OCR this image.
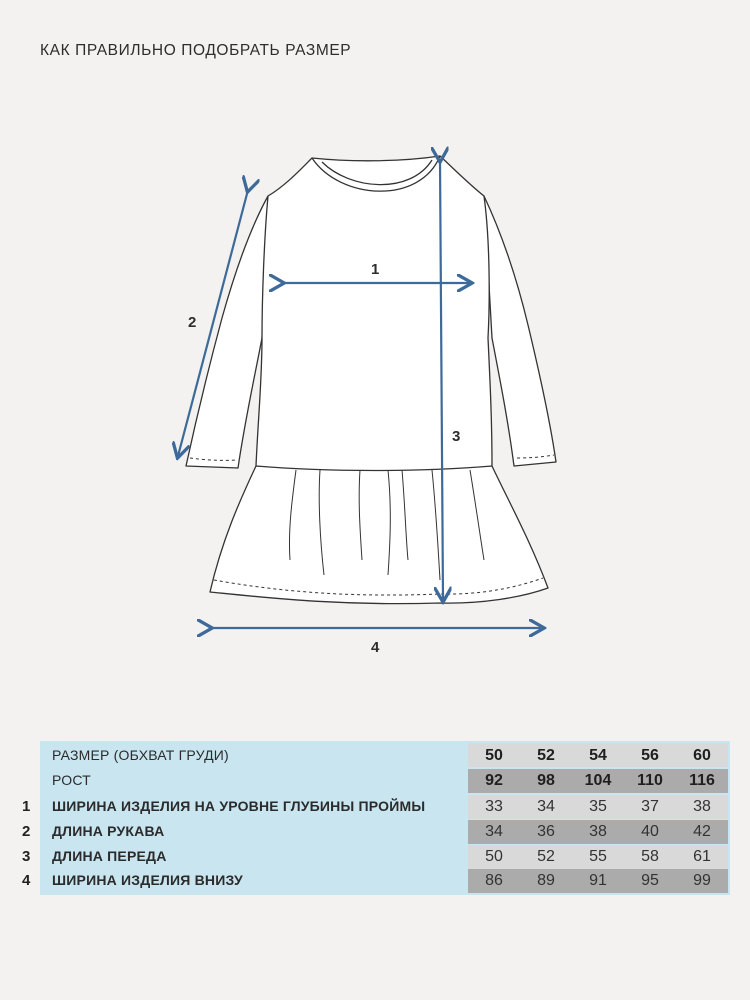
КАК ПРАВИЛЬНО ПОДОБРАТЬ РАЗМЕР
1
2
3
4
РАЗМЕР (ОБХВАТ ГРУДИ)	50	52	54	56	60
РОСТ	92	98	104	110	116
1 ШИРИНА ИЗДЕЛИЯ НА УРОВНЕ ГЛУБИНЫ ПРОЙМЫ	33	34	35	37	38
2 ДЛИНА РУКАВА	34	36	38	40	42
3 ДЛИНА ПЕРЕДА	50	52	55	58	61
4 ШИРИНА ИЗДЕЛИЯ ВНИЗУ	86	89	91	95	99
